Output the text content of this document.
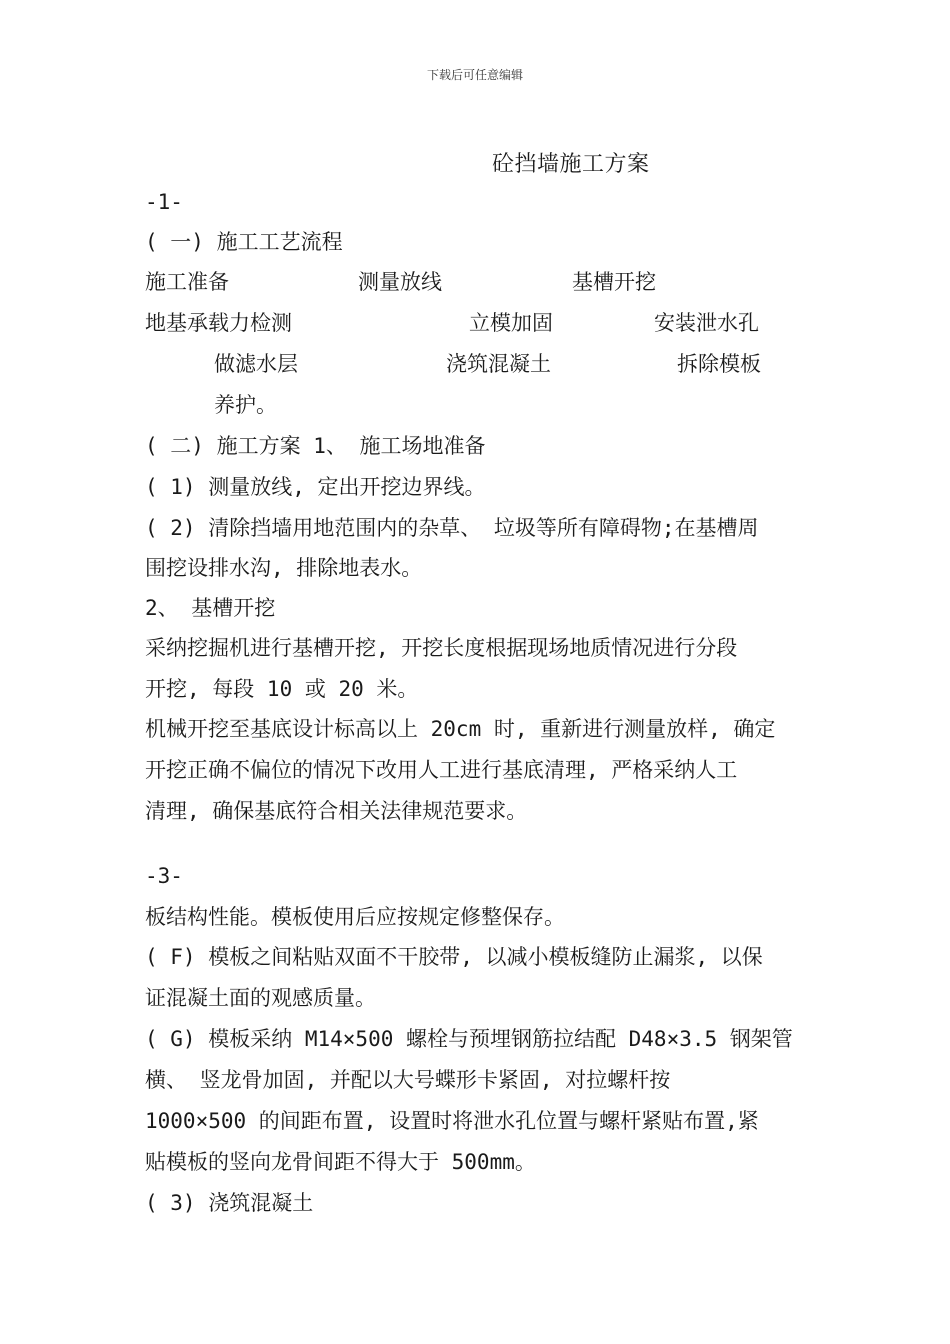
下载后可任意编辑
砼挡墙施工方案
-1-
( 一) 施工工艺流程
施工准备	测量放线	基槽开挖
地基承载力检测	立模加固	安装泄水孔
做滤水层	浇筑混凝土	拆除模板
养护。
( 二) 施工方案 1、 施工场地准备
( 1) 测量放线, 定出开挖边界线。
( 2) 清除挡墙用地范围内的杂草、 垃圾等所有障碍物;在基槽周
围挖设排水沟, 排除地表水。
2、 基槽开挖
采纳挖掘机进行基槽开挖, 开挖长度根据现场地质情况进行分段
开挖, 每段 10 或 20 米。
机械开挖至基底设计标高以上 20cm 时, 重新进行测量放样, 确定
开挖正确不偏位的情况下改用人工进行基底清理, 严格采纳人工
清理, 确保基底符合相关法律规范要求。
-3-
板结构性能。模板使用后应按规定修整保存。
( F) 模板之间粘贴双面不干胶带, 以减小模板缝防止漏浆, 以保
证混凝土面的观感质量。
( G) 模板采纳 M14×500 螺栓与预埋钢筋拉结配 D48×3.5 钢架管
横、 竖龙骨加固, 并配以大号蝶形卡紧固, 对拉螺杆按
1000×500 的间距布置, 设置时将泄水孔位置与螺杆紧贴布置,紧
贴模板的竖向龙骨间距不得大于 500mm。
( 3) 浇筑混凝土
